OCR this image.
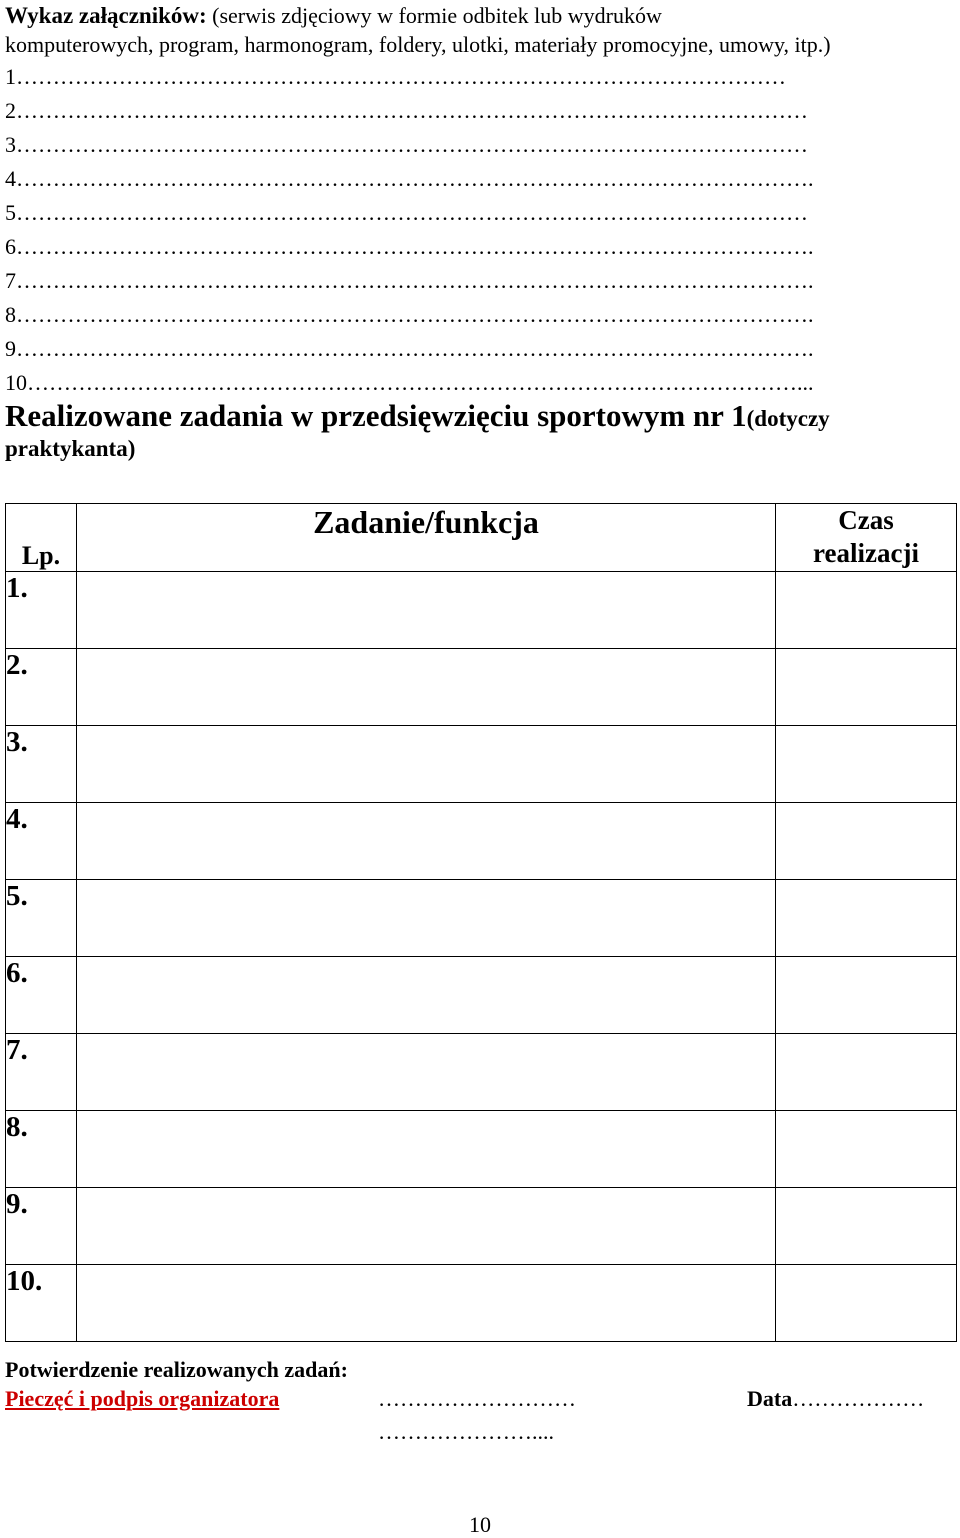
Wykaz załączników: (serwis zdjęciowy w formie odbitek lub wydruków
komputerowych, program, harmonogram, foldery, ulotki, materiały promocyjne, umowy, itp.)
1……………………………………………………………………………………………
2………………………………………………………………………………………………
3………………………………………………………………………………………………
4……………………………………………………………………………………………….
5………………………………………………………………………………………………
6……………………………………………………………………………………………….
7……………………………………………………………………………………………….
8……………………………………………………………………………………………….
9……………………………………………………………………………………………….
10……………………………………………………………………………………………...
Realizowane zadania w przedsięwzięciu sportowym nr 1(dotyczy
praktykanta)
Lp.	Zadanie/funkcja	Czas
realizacji

1.		
2.		
3.		
4.		
5.		
6.		
7.		
8.		
9.		
10.		
Potwierdzenie realizowanych zadań:
Pieczęć i podpis organizatora	………………………	Data………………
…………………....
10
